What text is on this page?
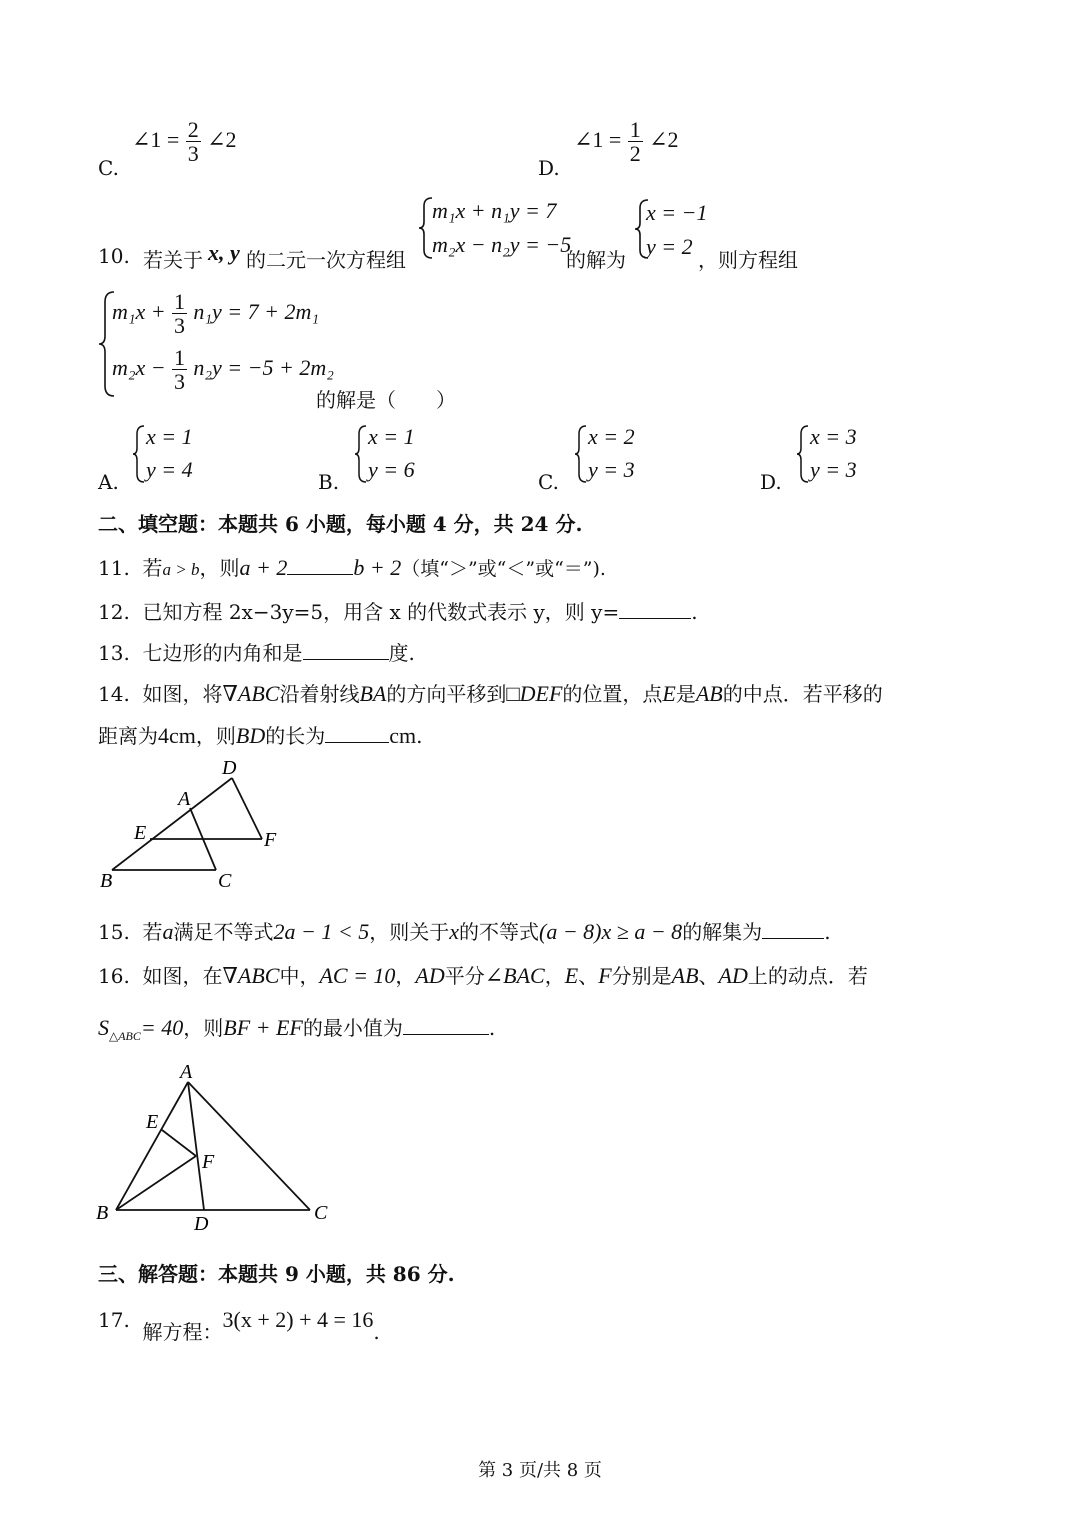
C.
∠1 = $\frac{2}{3}$ ∠2
D.
∠1 = $\frac{1}{2}$ ∠2
10. 若关于 x, y 的二元一次方程组
m₁x + n₁y = 7
m₂x − n₂y = −5
的解为
x = −1
y = 2
，则方程组
$m_1x + \frac{1}{3} n_1y = 7 + 2m_1$
$m_2x - \frac{1}{3} n_2y = -5 + 2m_2$
的解是（　　）
A.
x = 1
y = 4	B.
x = 1
y = 6	C.
x = 2
y = 3	D.
x = 3
y = 3
二、填空题：本题共 6 小题，每小题 4 分，共 24 分.
11. 若a > b，则a + 2	b + 2（填“＞”或“＜”或“＝”).
12. 已知方程 2x−3y=5，用含 x 的代数式表示 y，则 y=	.
13. 七边形的内角和是	度.
14. 如图，将∇ABC沿着射线BA的方向平移到□DEF的位置，点E是AB的中点．若平移的
距离为4cm，则BD的长为	cm.
D
A
E	F
B	C
15. 若a满足不等式2a − 1 < 5，则关于x的不等式(a − 8)x ≥ a − 8的解集为	.
16. 如图，在∇ABC中，AC = 10，AD平分∠BAC，E、F分别是AB、AD上的动点．若
$S_{\triangle ABC}= 40$，则BF + EF的最小值为	.
A
E
F
B	D	C
三、解答题：本题共 9 小题，共 86 分.
17. 解方程：3(x + 2) + 4 = 16.
第 3 页/共 8 页
